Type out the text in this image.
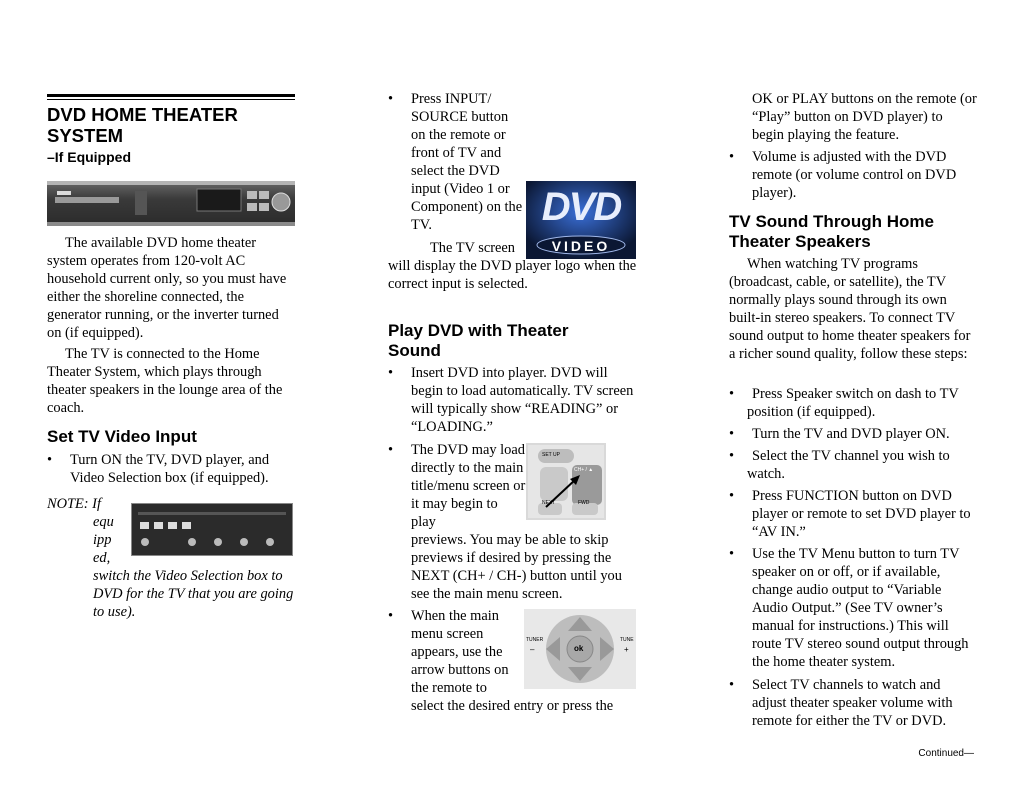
DVD HOME THEATER
SYSTEM
–If Equipped
The available DVD home theater system operates from 120-volt AC household current only, so you must have either the shoreline connected, the generator running, or the inverter turned on (if equipped).
The TV is connected to the Home Theater System, which plays through theater speakers in the lounge area of the coach.
Set TV Video Input
• Turn ON the TV, DVD player, and Video Selection box (if equipped).
NOTE: If
equ
ipp
ed,
switch the Video Selection box to DVD for the TV that you are going to use).
• Press INPUT/ SOURCE button on the remote or front of TV and select the DVD input (Video 1 or Component) on the TV.	DVD
VIDEO
The TV screen
will display the DVD player logo when the correct input is selected.
Play DVD with Theater
Sound
• Insert DVD into player. DVD will begin to load automatically. TV screen will typically show “READING” or “LOADING.”
• The DVD may load directly to the main title/menu screen or it may begin to play
previews. You may be able to skip previews if desired by pressing the NEXT (CH+ / CH-) button until you see the main menu screen.
SET UP
CH+ / ▲
NEXT	FWD
• When the main menu screen appears, use the arrow buttons on the remote to
select the desired entry or press the
TUNER
–
TUNE
+
ok
OK or PLAY buttons on the remote (or “Play” button on DVD player) to begin playing the feature.
• Volume is adjusted with the DVD remote (or volume control on DVD player).
TV Sound Through Home
Theater Speakers
When watching TV programs (broadcast, cable, or satellite), the TV normally plays sound through its own built-in stereo speakers. To connect TV sound output to home theater speakers for a richer sound quality, follow these steps:
•	Press Speaker switch on dash to TV position (if equipped).
• Turn the TV and DVD player ON.
•	Select the TV channel you wish to watch.
• Press FUNCTION button on DVD player or remote to set DVD player to “AV IN.”
• Use the TV Menu button to turn TV speaker on or off, or if available, change audio output to “Variable Audio Output.” (See TV owner’s manual for instructions.) This will route TV stereo sound output through the home theater system.
• Select TV channels to watch and adjust theater speaker volume with remote for either the TV or DVD.
Continued—
